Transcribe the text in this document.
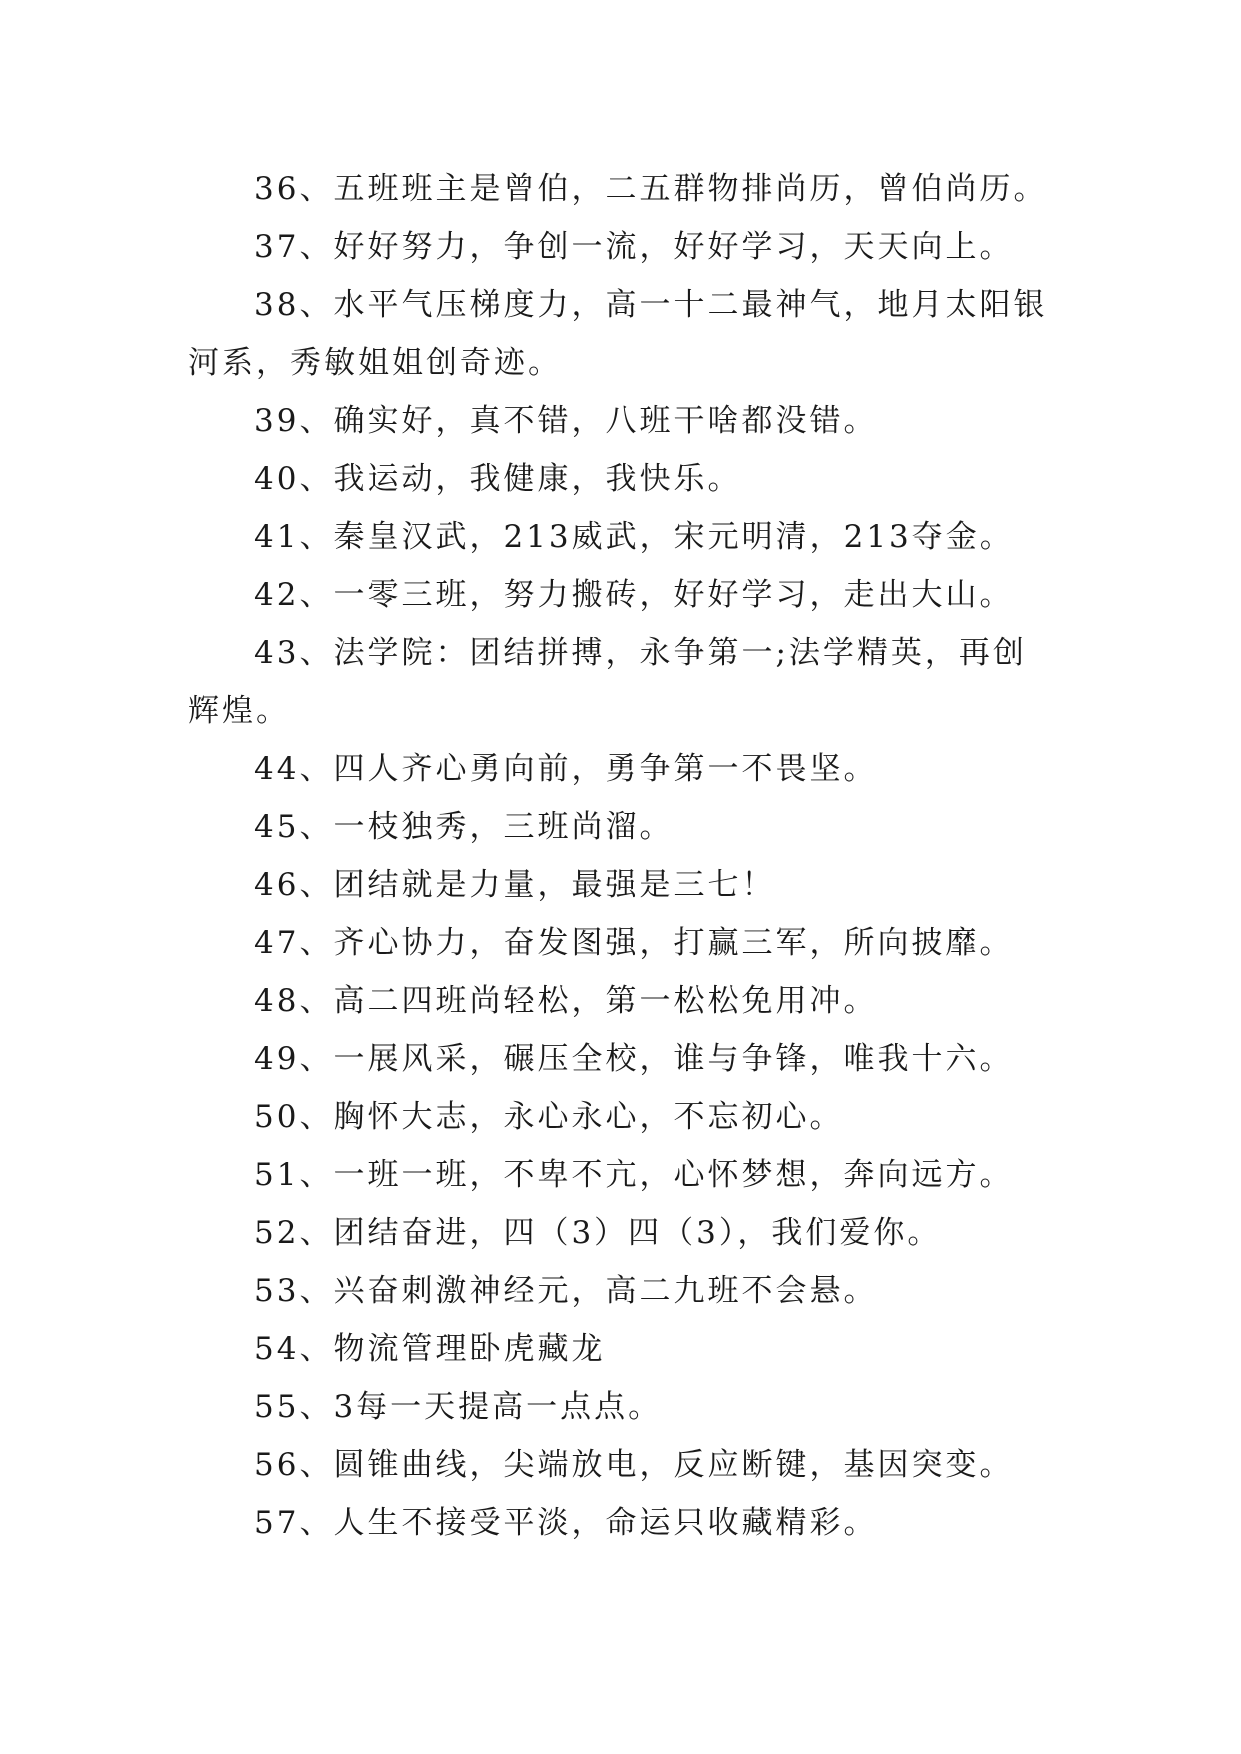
36、五班班主是曾伯，二五群物排尚历，曾伯尚历。

37、好好努力，争创一流，好好学习，天天向上。

38、水平气压梯度力，高一十二最神气，地月太阳银河系，秀敏姐姐创奇迹。

39、确实好，真不错，八班干啥都没错。

40、我运动，我健康，我快乐。

41、秦皇汉武，213威武，宋元明清，213夺金。

42、一零三班，努力搬砖，好好学习，走出大山。

43、法学院：团结拼搏，永争第一;法学精英，再创辉煌。

44、四人齐心勇向前，勇争第一不畏坚。

45、一枝独秀，三班尚溜。

46、团结就是力量，最强是三七！

47、齐心协力，奋发图强，打赢三军，所向披靡。

48、高二四班尚轻松，第一松松免用冲。

49、一展风采，碾压全校，谁与争锋，唯我十六。

50、胸怀大志，永心永心，不忘初心。

51、一班一班，不卑不亢，心怀梦想，奔向远方。

52、团结奋进，四（3）四（3），我们爱你。

53、兴奋刺激神经元，高二九班不会悬。

54、物流管理卧虎藏龙

55、3每一天提高一点点。

56、圆锥曲线，尖端放电，反应断键，基因突变。

57、人生不接受平淡，命运只收藏精彩。
